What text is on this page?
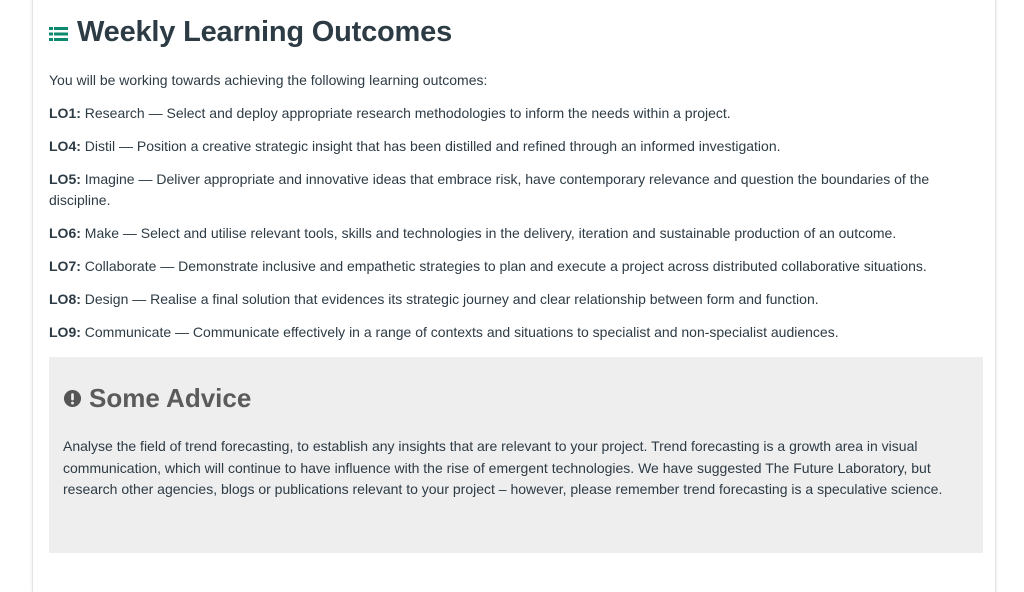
Weekly Learning Outcomes

You will be working towards achieving the following learning outcomes:

LO1: Research — Select and deploy appropriate research methodologies to inform the needs within a project.

LO4: Distil — Position a creative strategic insight that has been distilled and refined through an informed investigation.

LO5: Imagine — Deliver appropriate and innovative ideas that embrace risk, have contemporary relevance and question the boundaries of the discipline.

LO6: Make — Select and utilise relevant tools, skills and technologies in the delivery, iteration and sustainable production of an outcome.

LO7: Collaborate — Demonstrate inclusive and empathetic strategies to plan and execute a project across distributed collaborative situations.

LO8: Design — Realise a final solution that evidences its strategic journey and clear relationship between form and function.

LO9: Communicate — Communicate effectively in a range of contexts and situations to specialist and non-specialist audiences.

Some Advice

Analyse the field of trend forecasting, to establish any insights that are relevant to your project. Trend forecasting is a growth area in visual communication, which will continue to have influence with the rise of emergent technologies. We have suggested The Future Laboratory, but research other agencies, blogs or publications relevant to your project – however, please remember trend forecasting is a speculative science.
